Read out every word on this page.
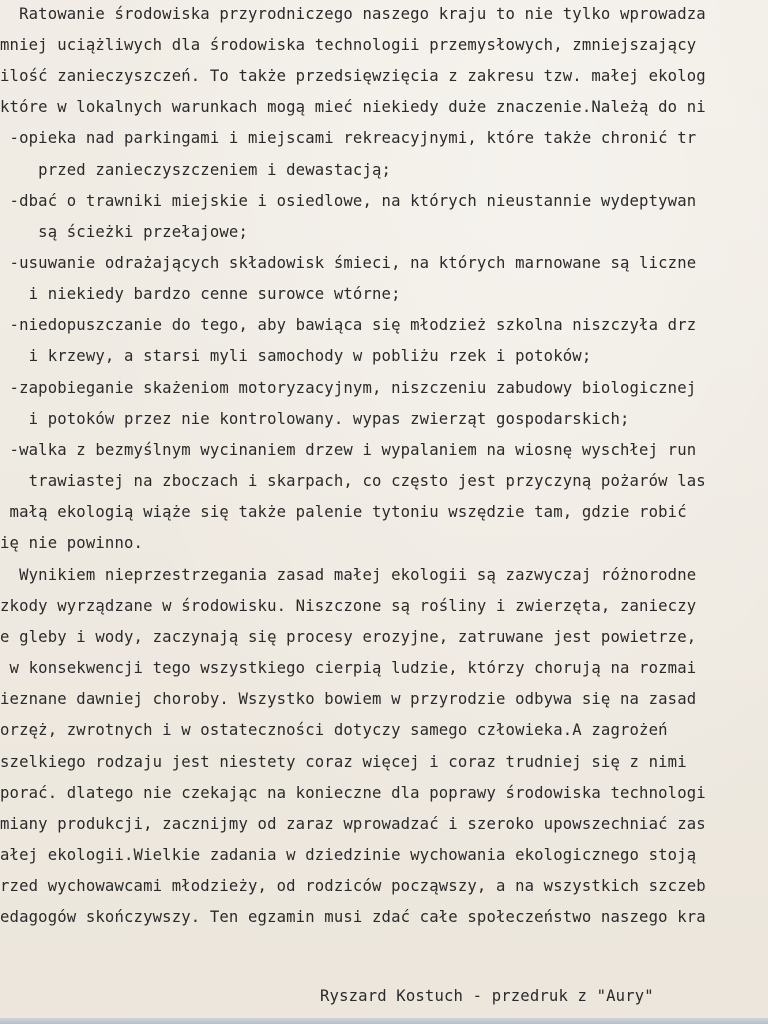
Ratowanie środowiska przyrodniczego naszego kraju to nie tylko wprowadza
mniej uciążliwych dla środowiska technologii przemysłowych, zmniejszający
ilość zanieczyszczeń. To także przedsięwzięcia z zakresu tzw. małej ekolog
które w lokalnych warunkach mogą mieć niekiedy duże znaczenie.Należą do ni
-opieka nad parkingami i miejscami rekreacyjnymi, które także chronić tr
przed zanieczyszczeniem i dewastacją;
-dbać o trawniki miejskie i osiedlowe, na których nieustannie wydeptywan
są ścieżki przełajowe;
-usuwanie odrażających składowisk śmieci, na których marnowane są liczne
i niekiedy bardzo cenne surowce wtórne;
-niedopuszczanie do tego, aby bawiąca się młodzież szkolna niszczyła drz
i krzewy, a starsi myli samochody w pobliżu rzek i potoków;
-zapobieganie skażeniom motoryzacyjnym, niszczeniu zabudowy biologicznej
i potoków przez nie kontrolowany. wypas zwierząt gospodarskich;
-walka z bezmyślnym wycinaniem drzew i wypalaniem na wiosnę wyschłej run
trawiastej na zboczach i skarpach, co często jest przyczyną pożarów las
małą ekologią wiąże się także palenie tytoniu wszędzie tam, gdzie robić
ię nie powinno.
Wynikiem nieprzestrzegania zasad małej ekologii są zazwyczaj różnorodne
zkody wyrządzane w środowisku. Niszczone są rośliny i zwierzęta, zanieczy
e gleby i wody, zaczynają się procesy erozyjne, zatruwane jest powietrze,
w konsekwencji tego wszystkiego cierpią ludzie, którzy chorują na rozmai
ieznane dawniej choroby. Wszystko bowiem w przyrodzie odbywa się na zasad
orzęż, zwrotnych i w ostateczności dotyczy samego człowieka.A zagrożeń
szelkiego rodzaju jest niestety coraz więcej i coraz trudniej się z nimi
porać. dlatego nie czekając na konieczne dla poprawy środowiska technologi
miany produkcji, zacznijmy od zaraz wprowadzać i szeroko upowszechniać zas
ałej ekologii.Wielkie zadania w dziedzinie wychowania ekologicznego stoją
rzed wychowawcami młodzieży, od rodziców począwszy, a na wszystkich szczeb
edagogów skończywszy. Ten egzamin musi zdać całe społeczeństwo naszego kra
Ryszard Kostuch - przedruk z "Aury"
